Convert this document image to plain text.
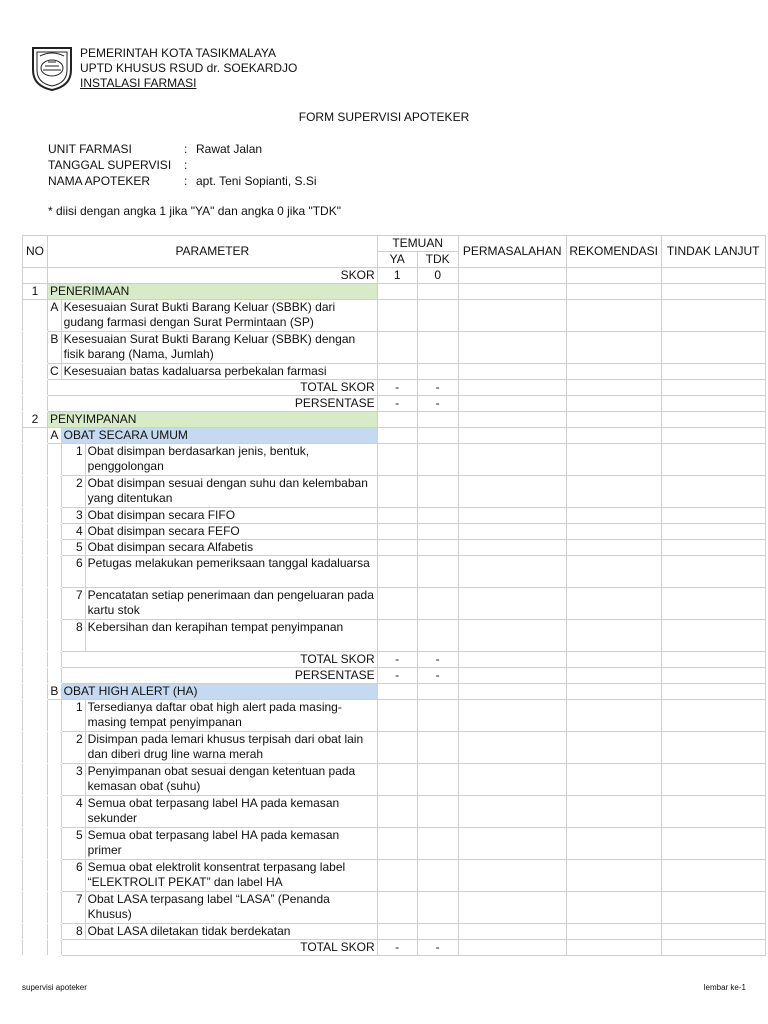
PEMERINTAH KOTA TASIKMALAYA
UPTD KHUSUS RSUD dr. SOEKARDJO
INSTALASI FARMASI
FORM SUPERVISI APOTEKER
UNIT FARMASI	: Rawat Jalan
TANGGAL SUPERVISI	:
NAMA APOTEKER	: apt. Teni Sopianti, S.Si
* diisi dengan angka 1 jika "YA" dan angka 0 jika "TDK"
NO	PARAMETER			TEMUAN		PERMASALAHAN	REKOMENDASI	TINDAK LANJUT
				YA	TDK			
	SKOR			1	0			
1	PENERIMAAN							
	A	Kesesuaian Surat Bukti Barang Keluar (SBBK) dari gudang farmasi dengan Surat Permintaan (SP)						
	B	Kesesuaian Surat Bukti Barang Keluar (SBBK) dengan fisik barang (Nama, Jumlah)						
	C	Kesesuaian batas kadaluarsa perbekalan farmasi						
	TOTAL SKOR			-	-			
	PERSENTASE			-	-			
2	PENYIMPANAN							
	A	OBAT SECARA UMUM						
		1	Obat disimpan berdasarkan jenis, bentuk, penggolongan					
		2	Obat disimpan sesuai dengan suhu dan kelembaban yang ditentukan					
		3	Obat disimpan secara FIFO					
		4	Obat disimpan secara FEFO					
		5	Obat disimpan secara Alfabetis					
		6	Petugas melakukan pemeriksaan tanggal kadaluarsa					
		7	Pencatatan setiap penerimaan dan pengeluaran pada kartu stok					
		8	Kebersihan dan kerapihan tempat penyimpanan					
		TOTAL SKOR		-	-			
		PERSENTASE		-	-			
	B	OBAT HIGH ALERT (HA)						
		1	Tersedianya daftar obat high alert pada masing-masing tempat penyimpanan					
		2	Disimpan pada lemari khusus terpisah dari obat lain dan diberi drug line warna merah					
		3	Penyimpanan obat sesuai dengan ketentuan pada kemasan obat (suhu)					
		4	Semua obat terpasang label HA pada kemasan sekunder					
		5	Semua obat terpasang label HA pada kemasan primer					
		6	Semua obat elektrolit konsentrat terpasang label “ELEKTROLIT PEKAT” dan label HA					
		7	Obat LASA terpasang label “LASA” (Penanda Khusus)					
		8	Obat LASA diletakan tidak berdekatan					
		TOTAL SKOR		-	-			
supervisi apoteker	lembar ke-1
